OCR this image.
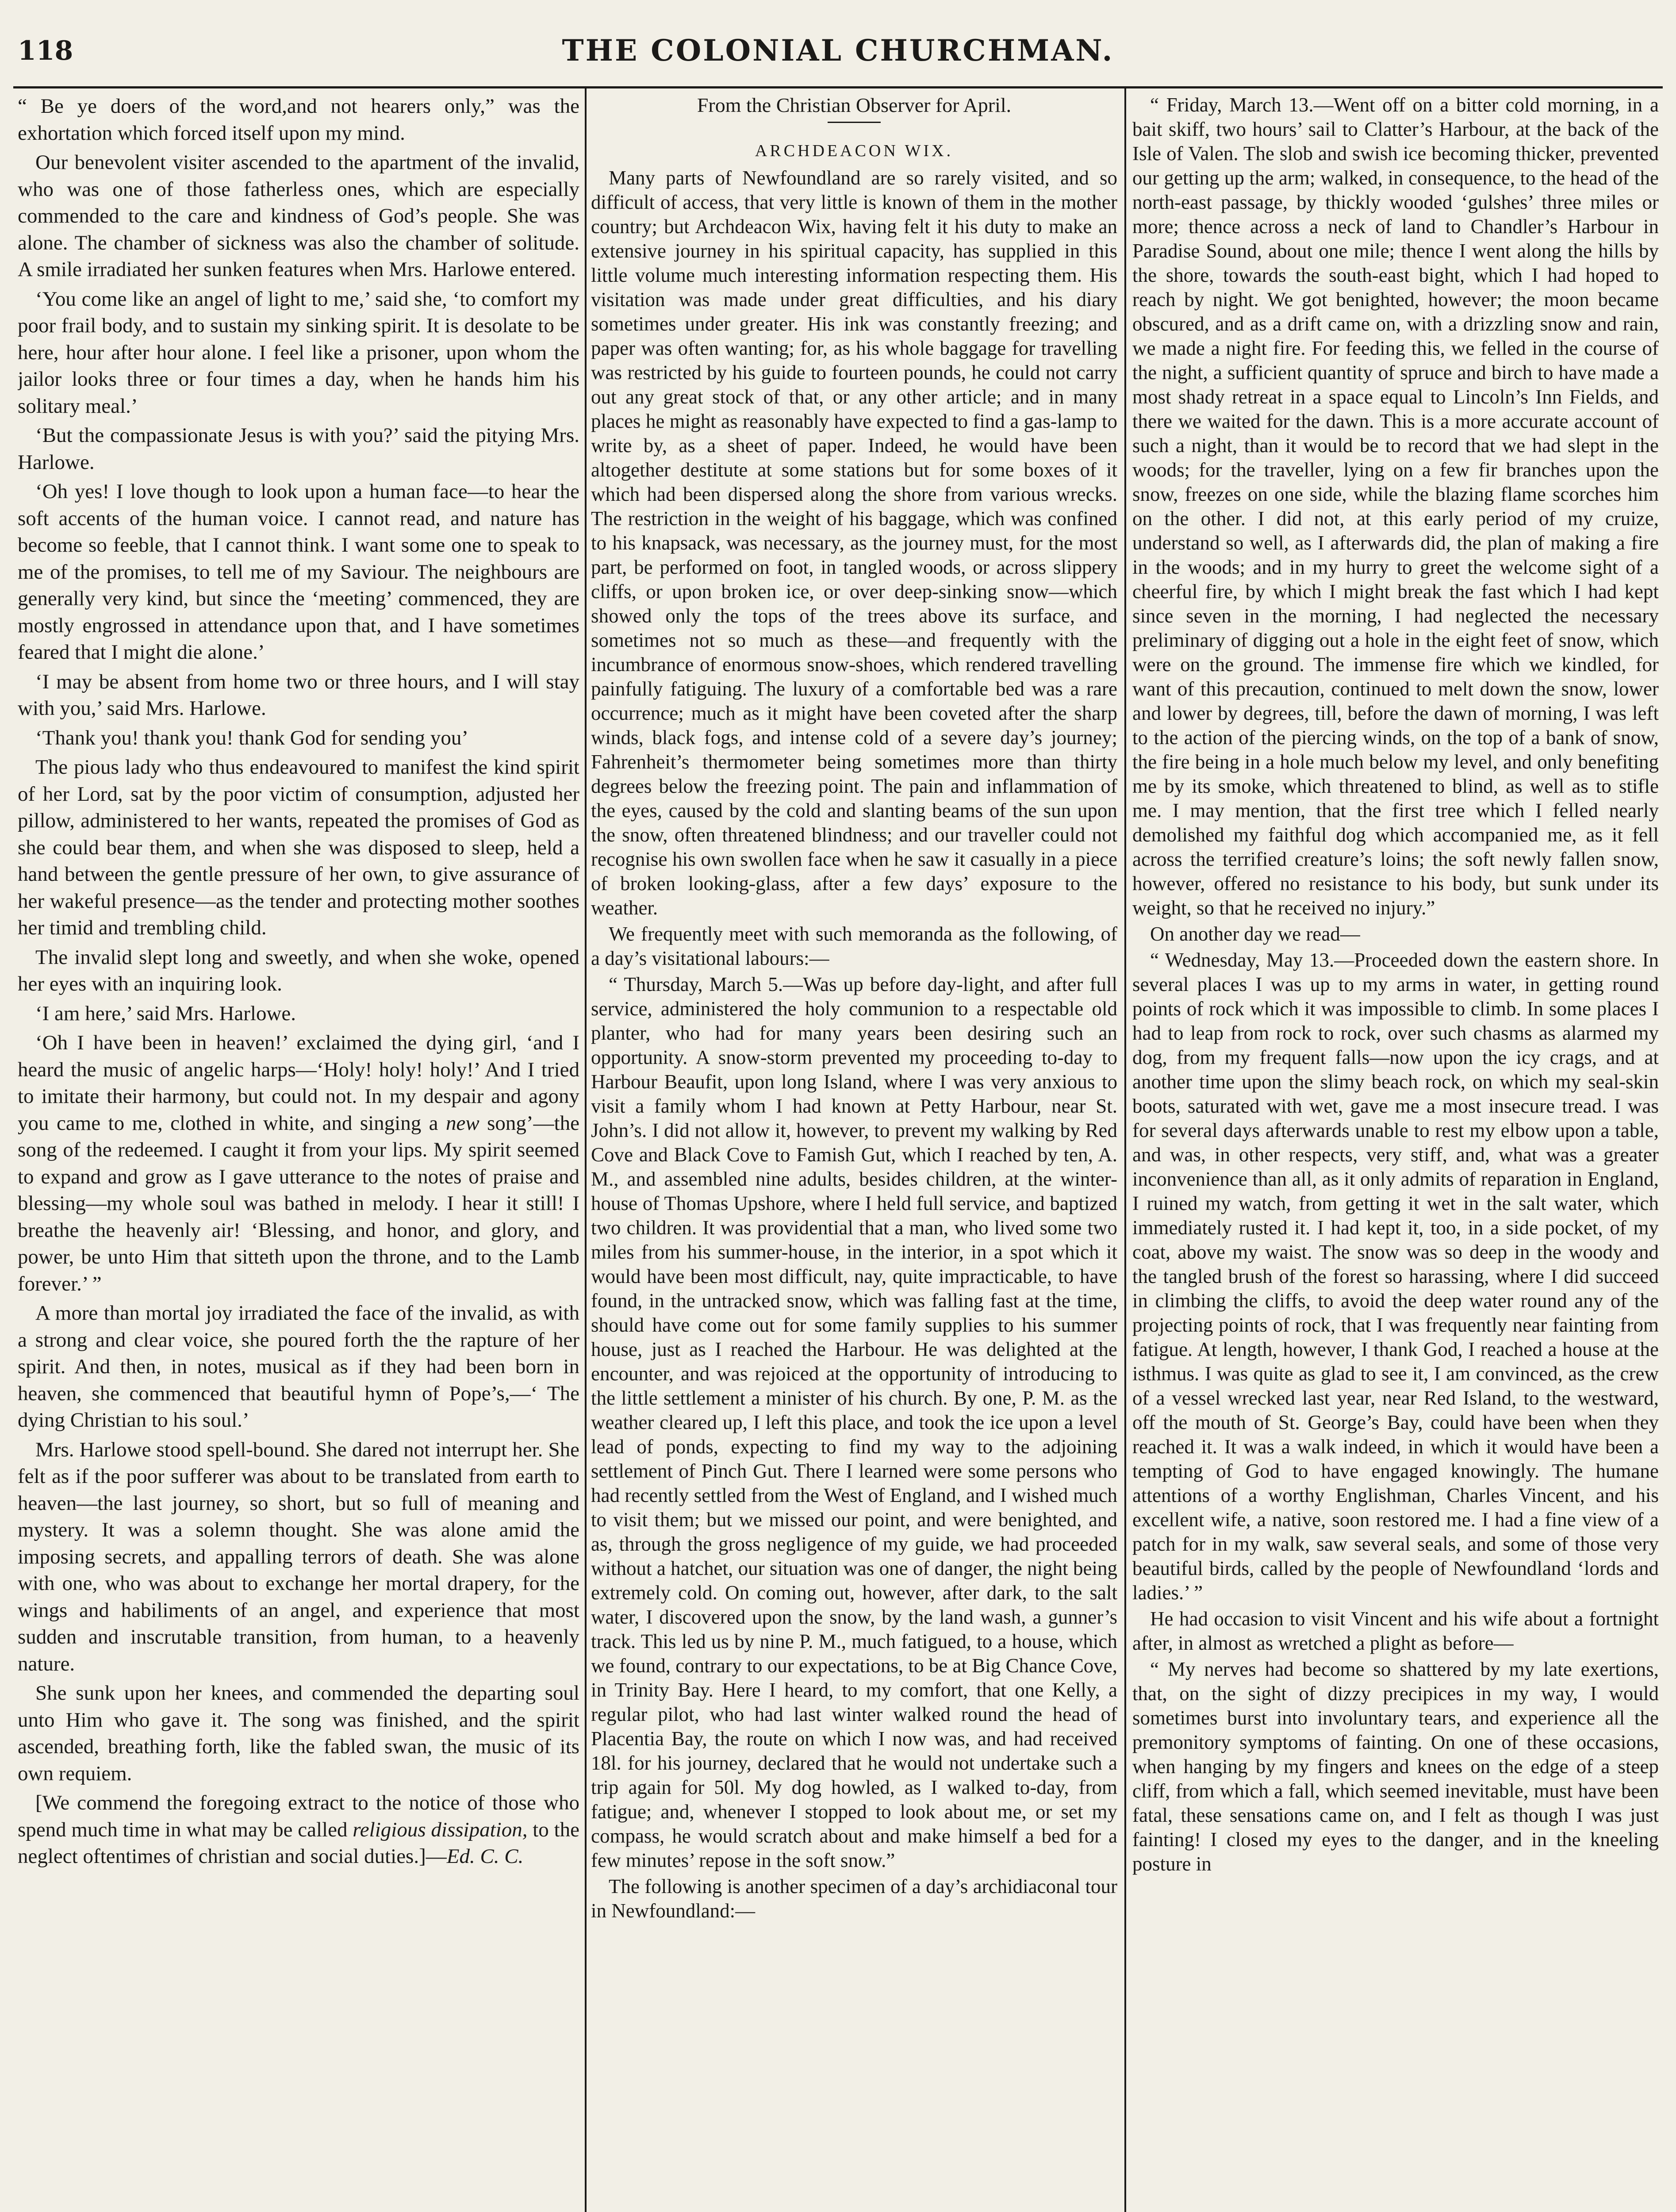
118	THE COLONIAL CHURCHMAN.

“ Be ye doers of the word,and not hearers only,” was the exhortation which forced itself upon my mind.

Our benevolent visiter ascended to the apartment of the invalid, who was one of those fatherless ones, which are especially commended to the care and kindness of God’s people. She was alone. The chamber of sickness was also the chamber of solitude. A smile irradiated her sunken features when Mrs. Harlowe entered.

‘You come like an angel of light to me,’ said she, ‘to comfort my poor frail body, and to sustain my sinking spirit. It is desolate to be here, hour after hour alone. I feel like a prisoner, upon whom the jailor looks three or four times a day, when he hands him his solitary meal.’

‘But the compassionate Jesus is with you?’ said the pitying Mrs. Harlowe.

‘Oh yes! I love though to look upon a human face—to hear the soft accents of the human voice. I cannot read, and nature has become so feeble, that I cannot think. I want some one to speak to me of the promises, to tell me of my Saviour. The neighbours are generally very kind, but since the ‘meeting’ commenced, they are mostly engrossed in attendance upon that, and I have sometimes feared that I might die alone.’

‘I may be absent from home two or three hours, and I will stay with you,’ said Mrs. Harlowe.

‘Thank you! thank you! thank God for sending you’

The pious lady who thus endeavoured to manifest the kind spirit of her Lord, sat by the poor victim of consumption, adjusted her pillow, administered to her wants, repeated the promises of God as she could bear them, and when she was disposed to sleep, held a hand between the gentle pressure of her own, to give assurance of her wakeful presence—as the tender and protecting mother soothes her timid and trembling child.

The invalid slept long and sweetly, and when she woke, opened her eyes with an inquiring look.

‘I am here,’ said Mrs. Harlowe.

‘Oh I have been in heaven!’ exclaimed the dying girl, ‘and I heard the music of angelic harps—‘Holy! holy! holy!’ And I tried to imitate their harmony, but could not. In my despair and agony you came to me, clothed in white, and singing a new song’—the song of the redeemed. I caught it from your lips. My spirit seemed to expand and grow as I gave utterance to the notes of praise and blessing—my whole soul was bathed in melody. I hear it still! I breathe the heavenly air! ‘Blessing, and honor, and glory, and power, be unto Him that sitteth upon the throne, and to the Lamb forever.’ ”

A more than mortal joy irradiated the face of the invalid, as with a strong and clear voice, she poured forth the the rapture of her spirit. And then, in notes, musical as if they had been born in heaven, she commenced that beautiful hymn of Pope’s,—‘ The dying Christian to his soul.’

Mrs. Harlowe stood spell-bound. She dared not interrupt her. She felt as if the poor sufferer was about to be translated from earth to heaven—the last journey, so short, but so full of meaning and mystery. It was a solemn thought. She was alone amid the imposing secrets, and appalling terrors of death. She was alone with one, who was about to exchange her mortal drapery, for the wings and habiliments of an angel, and experience that most sudden and inscrutable transition, from human, to a heavenly nature.

She sunk upon her knees, and commended the departing soul unto Him who gave it. The song was finished, and the spirit ascended, breathing forth, like the fabled swan, the music of its own requiem.

[We commend the foregoing extract to the notice of those who spend much time in what may be called religious dissipation, to the neglect oftentimes of christian and social duties.]—Ed. C. C.

From the Christian Observer for April.

ARCHDEACON WIX.

Many parts of Newfoundland are so rarely visited, and so difficult of access, that very little is known of them in the mother country; but Archdeacon Wix, having felt it his duty to make an extensive journey in his spiritual capacity, has supplied in this little volume much interesting information respecting them. His visitation was made under great difficulties, and his diary sometimes under greater. His ink was constantly freezing; and paper was often wanting; for, as his whole baggage for travelling was restricted by his guide to fourteen pounds, he could not carry out any great stock of that, or any other article; and in many places he might as reasonably have expected to find a gas-lamp to write by, as a sheet of paper. Indeed, he would have been altogether destitute at some stations but for some boxes of it which had been dispersed along the shore from various wrecks. The restriction in the weight of his baggage, which was confined to his knapsack, was necessary, as the journey must, for the most part, be performed on foot, in tangled woods, or across slippery cliffs, or upon broken ice, or over deep-sinking snow—which showed only the tops of the trees above its surface, and sometimes not so much as these—and frequently with the incumbrance of enormous snow-shoes, which rendered travelling painfully fatiguing. The luxury of a comfortable bed was a rare occurrence; much as it might have been coveted after the sharp winds, black fogs, and intense cold of a severe day’s journey; Fahrenheit’s thermometer being sometimes more than thirty degrees below the freezing point. The pain and inflammation of the eyes, caused by the cold and slanting beams of the sun upon the snow, often threatened blindness; and our traveller could not recognise his own swollen face when he saw it casually in a piece of broken looking-glass, after a few days’ exposure to the weather.

We frequently meet with such memoranda as the following, of a day’s visitational labours:—

“ Thursday, March 5.—Was up before day-light, and after full service, administered the holy communion to a respectable old planter, who had for many years been desiring such an opportunity. A snow-storm prevented my proceeding to-day to Harbour Beaufit, upon long Island, where I was very anxious to visit a family whom I had known at Petty Harbour, near St. John’s. I did not allow it, however, to prevent my walking by Red Cove and Black Cove to Famish Gut, which I reached by ten, A. M., and assembled nine adults, besides children, at the winter-house of Thomas Upshore, where I held full service, and baptized two children. It was providential that a man, who lived some two miles from his summer-house, in the interior, in a spot which it would have been most difficult, nay, quite impracticable, to have found, in the untracked snow, which was falling fast at the time, should have come out for some family supplies to his summer house, just as I reached the Harbour. He was delighted at the encounter, and was rejoiced at the opportunity of introducing to the little settlement a minister of his church. By one, P. M. as the weather cleared up, I left this place, and took the ice upon a level lead of ponds, expecting to find my way to the adjoining settlement of Pinch Gut. There I learned were some persons who had recently settled from the West of England, and I wished much to visit them; but we missed our point, and were benighted, and as, through the gross negligence of my guide, we had proceeded without a hatchet, our situation was one of danger, the night being extremely cold. On coming out, however, after dark, to the salt water, I discovered upon the snow, by the land wash, a gunner’s track. This led us by nine P. M., much fatigued, to a house, which we found, contrary to our expectations, to be at Big Chance Cove, in Trinity Bay. Here I heard, to my comfort, that one Kelly, a regular pilot, who had last winter walked round the head of Placentia Bay, the route on which I now was, and had received 18l. for his journey, declared that he would not undertake such a trip again for 50l. My dog howled, as I walked to-day, from fatigue; and, whenever I stopped to look about me, or set my compass, he would scratch about and make himself a bed for a few minutes’ repose in the soft snow.”

The following is another specimen of a day’s archidiaconal tour in Newfoundland:—

“ Friday, March 13.—Went off on a bitter cold morning, in a bait skiff, two hours’ sail to Clatter’s Harbour, at the back of the Isle of Valen. The slob and swish ice becoming thicker, prevented our getting up the arm; walked, in consequence, to the head of the north-east passage, by thickly wooded ‘gulshes’ three miles or more; thence across a neck of land to Chandler’s Harbour in Paradise Sound, about one mile; thence I went along the hills by the shore, towards the south-east bight, which I had hoped to reach by night. We got benighted, however; the moon became obscured, and as a drift came on, with a drizzling snow and rain, we made a night fire. For feeding this, we felled in the course of the night, a sufficient quantity of spruce and birch to have made a most shady retreat in a space equal to Lincoln’s Inn Fields, and there we waited for the dawn. This is a more accurate account of such a night, than it would be to record that we had slept in the woods; for the traveller, lying on a few fir branches upon the snow, freezes on one side, while the blazing flame scorches him on the other. I did not, at this early period of my cruize, understand so well, as I afterwards did, the plan of making a fire in the woods; and in my hurry to greet the welcome sight of a cheerful fire, by which I might break the fast which I had kept since seven in the morning, I had neglected the necessary preliminary of digging out a hole in the eight feet of snow, which were on the ground. The immense fire which we kindled, for want of this precaution, continued to melt down the snow, lower and lower by degrees, till, before the dawn of morning, I was left to the action of the piercing winds, on the top of a bank of snow, the fire being in a hole much below my level, and only benefiting me by its smoke, which threatened to blind, as well as to stifle me. I may mention, that the first tree which I felled nearly demolished my faithful dog which accompanied me, as it fell across the terrified creature’s loins; the soft newly fallen snow, however, offered no resistance to his body, but sunk under its weight, so that he received no injury.”

On another day we read—

“ Wednesday, May 13.—Proceeded down the eastern shore. In several places I was up to my arms in water, in getting round points of rock which it was impossible to climb. In some places I had to leap from rock to rock, over such chasms as alarmed my dog, from my frequent falls—now upon the icy crags, and at another time upon the slimy beach rock, on which my seal-skin boots, saturated with wet, gave me a most insecure tread. I was for several days afterwards unable to rest my elbow upon a table, and was, in other respects, very stiff, and, what was a greater inconvenience than all, as it only admits of reparation in England, I ruined my watch, from getting it wet in the salt water, which immediately rusted it. I had kept it, too, in a side pocket, of my coat, above my waist. The snow was so deep in the woody and the tangled brush of the forest so harassing, where I did succeed in climbing the cliffs, to avoid the deep water round any of the projecting points of rock, that I was frequently near fainting from fatigue. At length, however, I thank God, I reached a house at the isthmus. I was quite as glad to see it, I am convinced, as the crew of a vessel wrecked last year, near Red Island, to the westward, off the mouth of St. George’s Bay, could have been when they reached it. It was a walk indeed, in which it would have been a tempting of God to have engaged knowingly. The humane attentions of a worthy Englishman, Charles Vincent, and his excellent wife, a native, soon restored me. I had a fine view of a patch for in my walk, saw several seals, and some of those very beautiful birds, called by the people of Newfoundland ‘lords and ladies.’ ”

He had occasion to visit Vincent and his wife about a fortnight after, in almost as wretched a plight as before—

“ My nerves had become so shattered by my late exertions, that, on the sight of dizzy precipices in my way, I would sometimes burst into involuntary tears, and experience all the premonitory symptoms of fainting. On one of these occasions, when hanging by my fingers and knees on the edge of a steep cliff, from which a fall, which seemed inevitable, must have been fatal, these sensations came on, and I felt as though I was just fainting! I closed my eyes to the danger, and in the kneeling posture in
